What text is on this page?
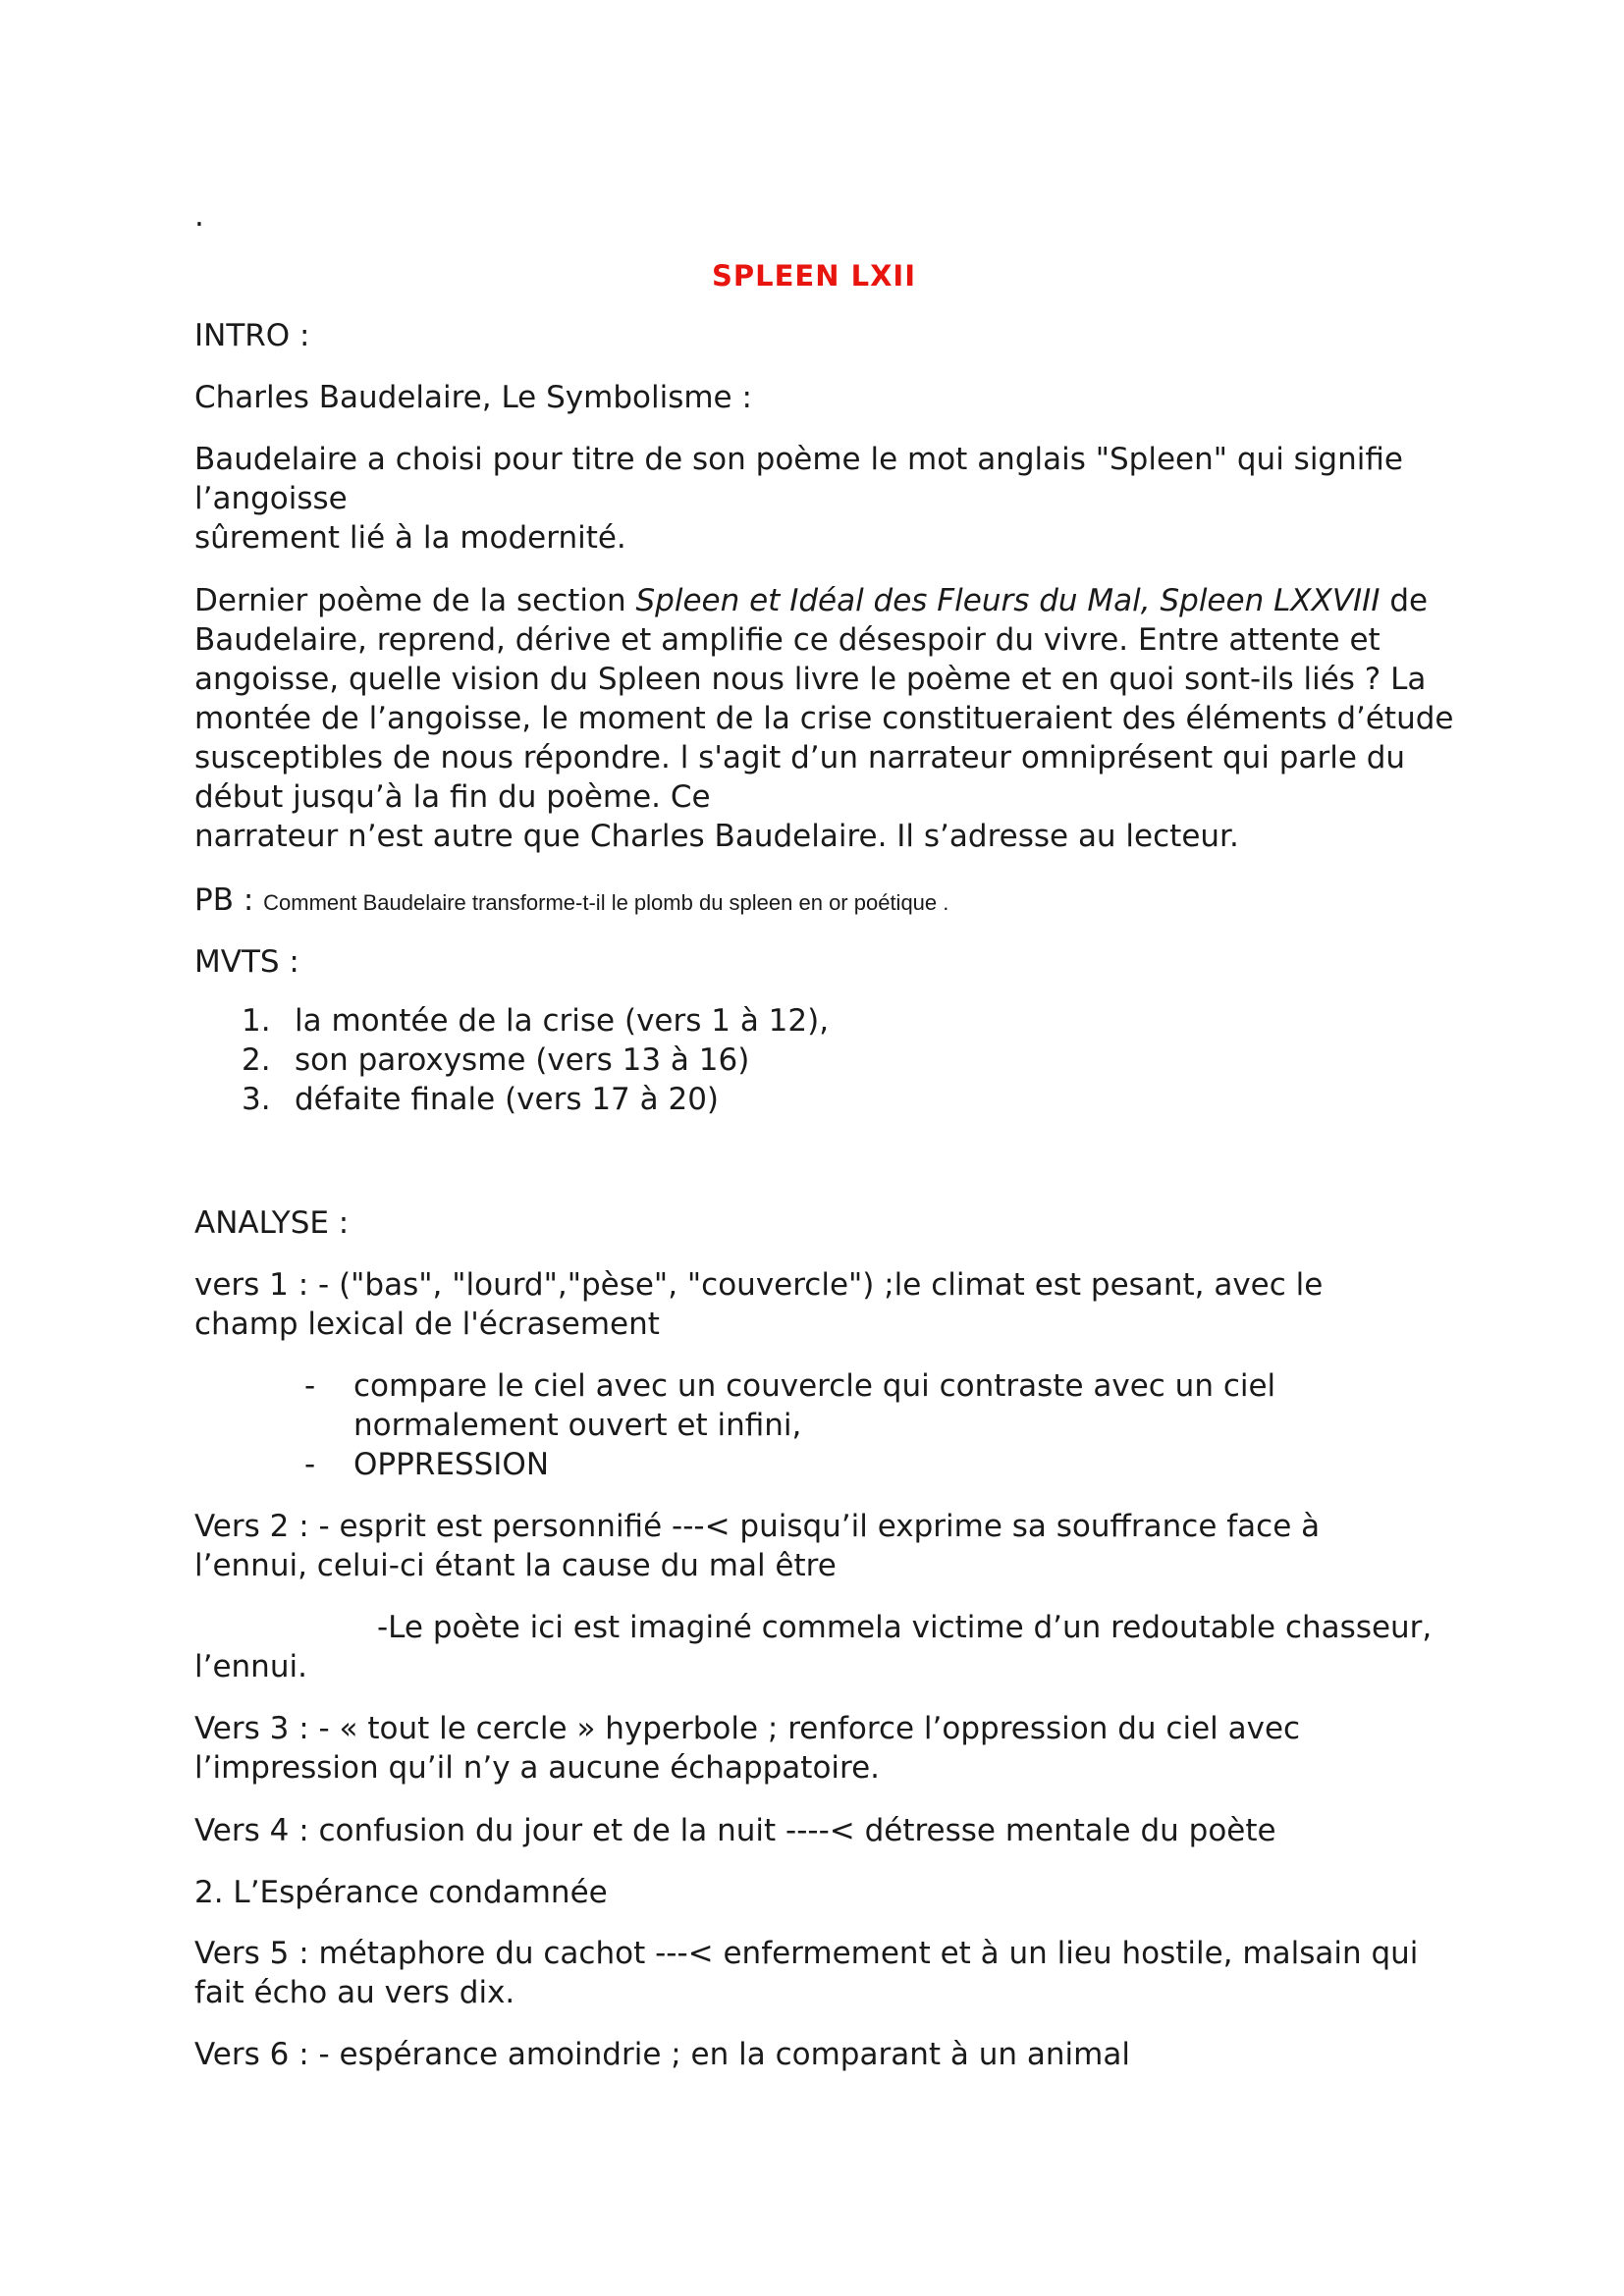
.
SPLEEN LXII

INTRO :

Charles Baudelaire, Le Symbolisme :

Baudelaire a choisi pour titre de son poème le mot anglais "Spleen" qui signifie

l’angoisse

sûrement lié à la modernité.

Dernier poème de la section Spleen et Idéal des Fleurs du Mal, Spleen LXXVIII de

Baudelaire, reprend, dérive et amplifie ce désespoir du vivre. Entre attente et

angoisse, quelle vision du Spleen nous livre le poème et en quoi sont-ils liés ? La

montée de l’angoisse, le moment de la crise constitueraient des éléments d’étude

susceptibles de nous répondre. l s'agit d’un narrateur omniprésent qui parle du

début jusqu’à la fin du poème. Ce

narrateur n’est autre que Charles Baudelaire. Il s’adresse au lecteur.

PB : Comment Baudelaire transforme-t-il le plomb du spleen en or poétique .

MVTS :

1. la montée de la crise (vers 1 à 12),
2. son paroxysme (vers 13 à 16)
3. défaite finale (vers 17 à 20)

ANALYSE :

vers 1 : - ("bas", "lourd","pèse", "couvercle") ;le climat est pesant, avec le

champ lexical de l'écrasement

- compare le ciel avec un couvercle qui contraste avec un ciel
normalement ouvert et infini,
- OPPRESSION

Vers 2 : - esprit est personnifié ---< puisqu’il exprime sa souffrance face à

l’ennui, celui-ci étant la cause du mal être

-Le poète ici est imaginé commela victime d’un redoutable chasseur,

l’ennui.

Vers 3 : - « tout le cercle » hyperbole ; renforce l’oppression du ciel avec

l’impression qu’il n’y a aucune échappatoire.

Vers 4 : confusion du jour et de la nuit ----< détresse mentale du poète

2. L’Espérance condamnée

Vers 5 : métaphore du cachot ---< enfermement et à un lieu hostile, malsain qui

fait écho au vers dix.

Vers 6 : - espérance amoindrie ; en la comparant à un animal
